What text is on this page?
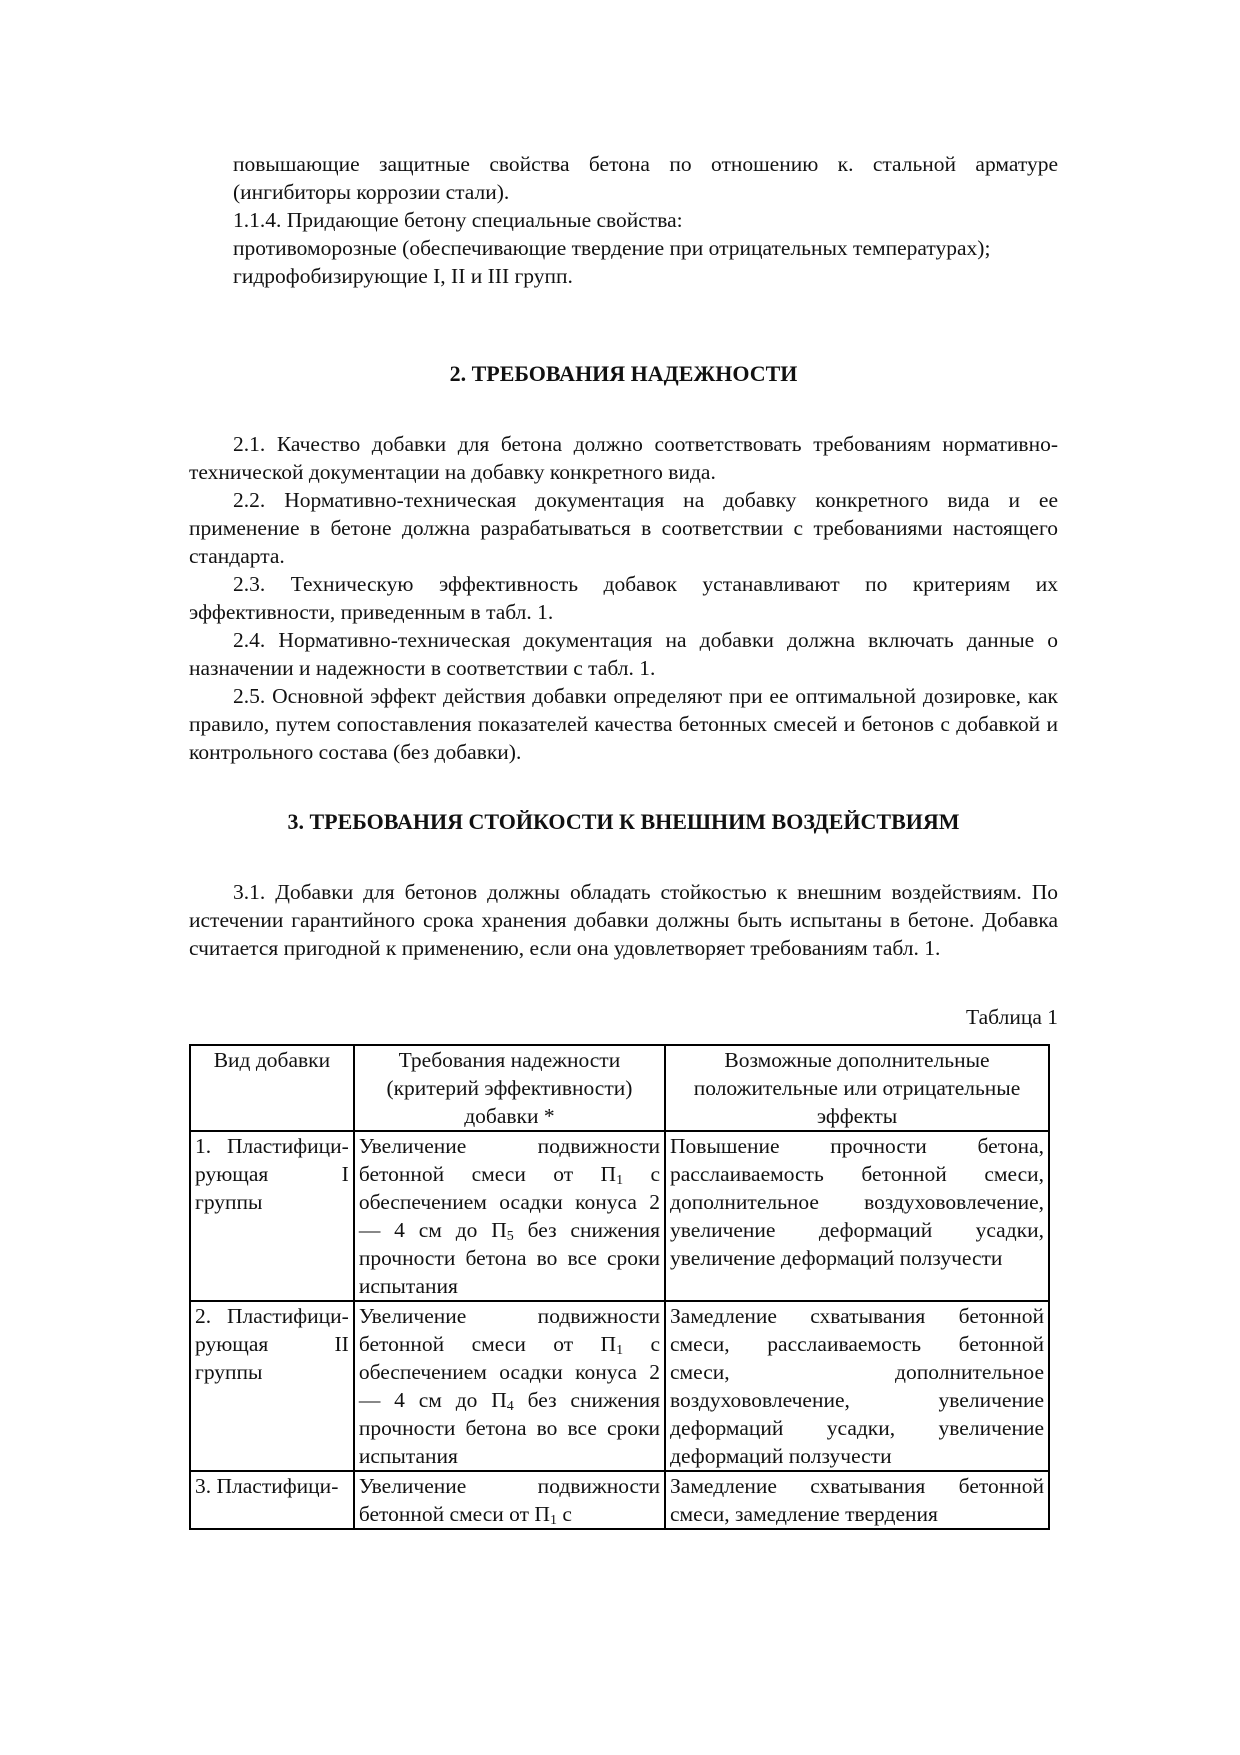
повышающие защитные свойства бетона по отношению к. стальной арматуре (ингибиторы коррозии стали).

1.1.4. Придающие бетону специальные свойства:

противоморозные (обеспечивающие твердение при отрицательных температурах);

гидрофобизирующие I, II и III групп.

2. ТРЕБОВАНИЯ НАДЕЖНОСТИ

2.1. Качество добавки для бетона должно соответствовать требованиям нормативно-технической документации на добавку конкретного вида.

2.2. Нормативно-техническая документация на добавку конкретного вида и ее применение в бетоне должна разрабатываться в соответствии с требованиями настоящего стандарта.

2.3. Техническую эффективность добавок устанавливают по критериям их эффективности, приведенным в табл. 1.

2.4. Нормативно-техническая документация на добавки должна включать данные о назначении и надежности в соответствии с табл. 1.

2.5. Основной эффект действия добавки определяют при ее оптимальной дозировке, как правило, путем сопоставления показателей качества бетонных смесей и бетонов с добавкой и контрольного состава (без добавки).

3. ТРЕБОВАНИЯ СТОЙКОСТИ К ВНЕШНИМ ВОЗДЕЙСТВИЯМ

3.1. Добавки для бетонов должны обладать стойкостью к внешним воздействиям. По истечении гарантийного срока хранения добавки должны быть испытаны в бетоне. Добавка считается пригодной к применению, если она удовлетворяет требованиям табл. 1.

Таблица 1

Вид добавки	Требования надежности (критерий эффективности) добавки *	Возможные дополнительные положительные или отрицательные эффекты
1. Пластифици-рующая I группы	Увеличение подвижности бетонной смеси от $П_1$ с обеспечением осадки конуса 2 — 4 см до $П_5$ без снижения прочности бетона во все сроки испытания	Повышение прочности бетона, расслаиваемость бетонной смеси, дополнительное воздухововлечение, увеличение деформаций усадки, увеличение деформаций ползучести
2. Пластифици-рующая II группы	Увеличение подвижности бетонной смеси от $П_1$ с обеспечением осадки конуса 2 — 4 см до $П_4$ без снижения прочности бетона во все сроки испытания	Замедление схватывания бетонной смеси, расслаиваемость бетонной смеси, дополнительное воздухововлечение, увеличение деформаций усадки, увеличение деформаций ползучести
3. Пластифици-	Увеличение подвижности бетонной смеси от $П_1$ с	Замедление схватывания бетонной смеси, замедление твердения
